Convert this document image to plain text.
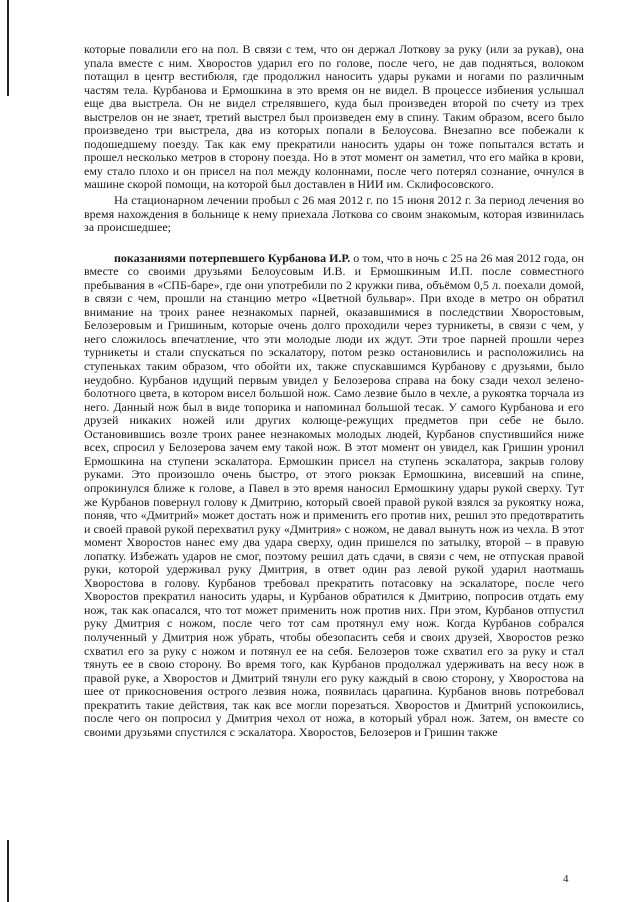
которые повалили его на пол. В связи с тем, что он держал Лоткову за руку (или за рукав), она упала вместе с ним. Хворостов ударил его по голове, после чего, не дав подняться, волоком потащил в центр вестибюля, где продолжил наносить удары руками и ногами по различным частям тела. Курбанова и Ермошкина в это время он не видел. В процессе избиения услышал еще два выстрела. Он не видел стрелявшего, куда был произведен второй по счету из трех выстрелов он не знает, третий выстрел был произведен ему в спину. Таким образом, всего было произведено три выстрела, два из которых попали в Белоусова. Внезапно все побежали к подошедшему поезду. Так как ему прекратили наносить удары он тоже попытался встать и прошел несколько метров в сторону поезда. Но в этот момент он заметил, что его майка в крови, ему стало плохо и он присел на пол между колоннами, после чего потерял сознание, очнулся в машине скорой помощи, на которой был доставлен в НИИ им. Склифосовского.

На стационарном лечении пробыл с 26 мая 2012 г. по 15 июня 2012 г. За период лечения во время нахождения в больнице к нему приехала Лоткова со своим знакомым, которая извинилась за происшедшее;

показаниями потерпевшего Курбанова И.Р. о том, что в ночь с 25 на 26 мая 2012 года, он вместе со своими друзьями Белоусовым И.В. и Ермошкиным И.П. после совместного пребывания в «СПБ-баре», где они употребили по 2 кружки пива, объёмом 0,5 л. поехали домой, в связи с чем, прошли на станцию метро «Цветной бульвар». При входе в метро он обратил внимание на троих ранее незнакомых парней, оказавшимися в последствии Хворостовым, Белозеровым и Гришиным, которые очень долго проходили через турникеты, в связи с чем, у него сложилось впечатление, что эти молодые люди их ждут. Эти трое парней прошли через турникеты и стали спускаться по эскалатору, потом резко остановились и расположились на ступеньках таким образом, что обойти их, также спускавшимся Курбанову с друзьями, было неудобно. Курбанов идущий первым увидел у Белозерова справа на боку сзади чехол зелено-болотного цвета, в котором висел большой нож. Само лезвие было в чехле, а рукоятка торчала из него. Данный нож был в виде топорика и напоминал большой тесак. У самого Курбанова и его друзей никаких ножей или других колюще-режущих предметов при себе не было. Остановившись возле троих ранее незнакомых молодых людей, Курбанов спустившийся ниже всех, спросил у Белозерова зачем ему такой нож. В этот момент он увидел, как Гришин уронил Ермошкина на ступени эскалатора. Ермошкин присел на ступень эскалатора, закрыв голову руками. Это произошло очень быстро, от этого рюкзак Ермошкина, висевший на спине, опрокинулся ближе к голове, а Павел в это время наносил Ермошкину удары рукой сверху. Тут же Курбанов повернул голову к Дмитрию, который своей правой рукой взялся за рукоятку ножа, поняв, что «Дмитрий» может достать нож и применить его против них, решил это предотвратить и своей правой рукой перехватил руку «Дмитрия» с ножом, не давал вынуть нож из чехла. В этот момент Хворостов нанес ему два удара сверху, один пришелся по затылку, второй – в правую лопатку. Избежать ударов не смог, поэтому решил дать сдачи, в связи с чем, не отпуская правой руки, которой удерживал руку Дмитрия, в ответ один раз левой рукой ударил наотмашь Хворостова в голову. Курбанов требовал прекратить потасовку на эскалаторе, после чего Хворостов прекратил наносить удары, и Курбанов обратился к Дмитрию, попросив отдать ему нож, так как опасался, что тот может применить нож против них. При этом, Курбанов отпустил руку Дмитрия с ножом, после чего тот сам протянул ему нож. Когда Курбанов собрался полученный у Дмитрия нож убрать, чтобы обезопасить себя и своих друзей, Хворостов резко схватил его за руку с ножом и потянул ее на себя. Белозеров тоже схватил его за руку и стал тянуть ее в свою сторону. Во время того, как Курбанов продолжал удерживать на весу нож в правой руке, а Хворостов и Дмитрий тянули его руку каждый в свою сторону, у Хворостова на шее от прикосновения острого лезвия ножа, появилась царапина. Курбанов вновь потребовал прекратить такие действия, так как все могли порезаться. Хворостов и Дмитрий успокоились, после чего он попросил у Дмитрия чехол от ножа, в который убрал нож. Затем, он вместе со своими друзьями спустился с эскалатора. Хворостов, Белозеров и Гришин также

4
